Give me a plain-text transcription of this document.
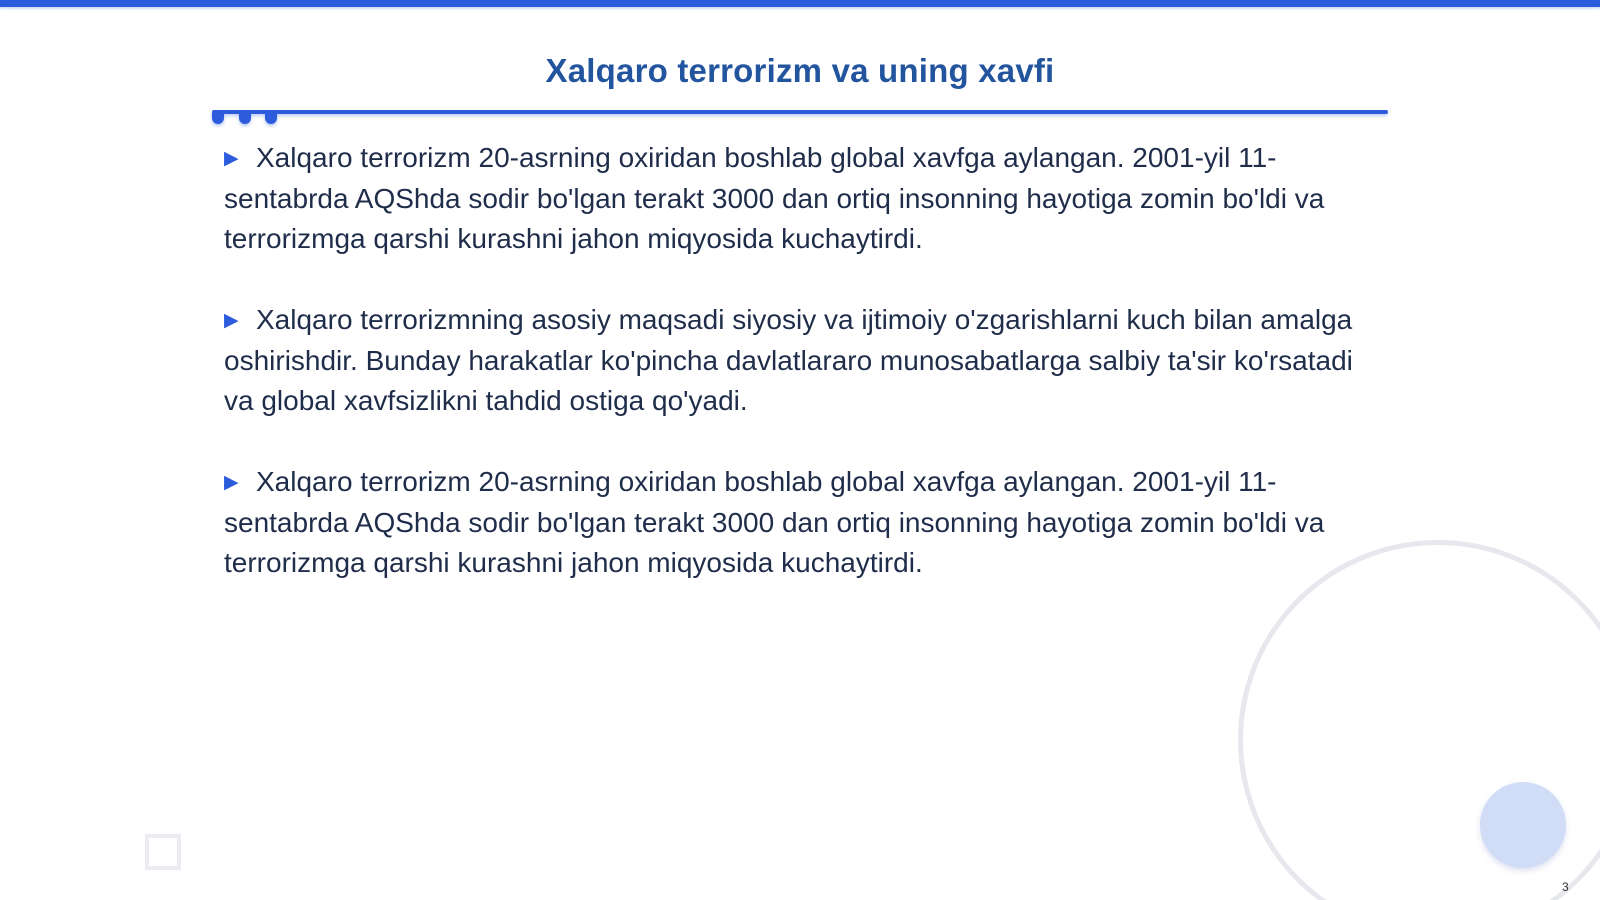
Xalqaro terrorizm va uning xavfi

▶ Xalqaro terrorizm 20-asrning oxiridan boshlab global xavfga aylangan. 2001-yil 11-sentabrda AQShda sodir bo'lgan terakt 3000 dan ortiq insonning hayotiga zomin bo'ldi va terrorizmga qarshi kurashni jahon miqyosida kuchaytirdi.

▶ Xalqaro terrorizmning asosiy maqsadi siyosiy va ijtimoiy o'zgarishlarni kuch bilan amalga oshirishdir. Bunday harakatlar ko'pincha davlatlararo munosabatlarga salbiy ta'sir ko'rsatadi va global xavfsizlikni tahdid ostiga qo'yadi.

▶ Xalqaro terrorizm 20-asrning oxiridan boshlab global xavfga aylangan. 2001-yil 11-sentabrda AQShda sodir bo'lgan terakt 3000 dan ortiq insonning hayotiga zomin bo'ldi va terrorizmga qarshi kurashni jahon miqyosida kuchaytirdi.

3
